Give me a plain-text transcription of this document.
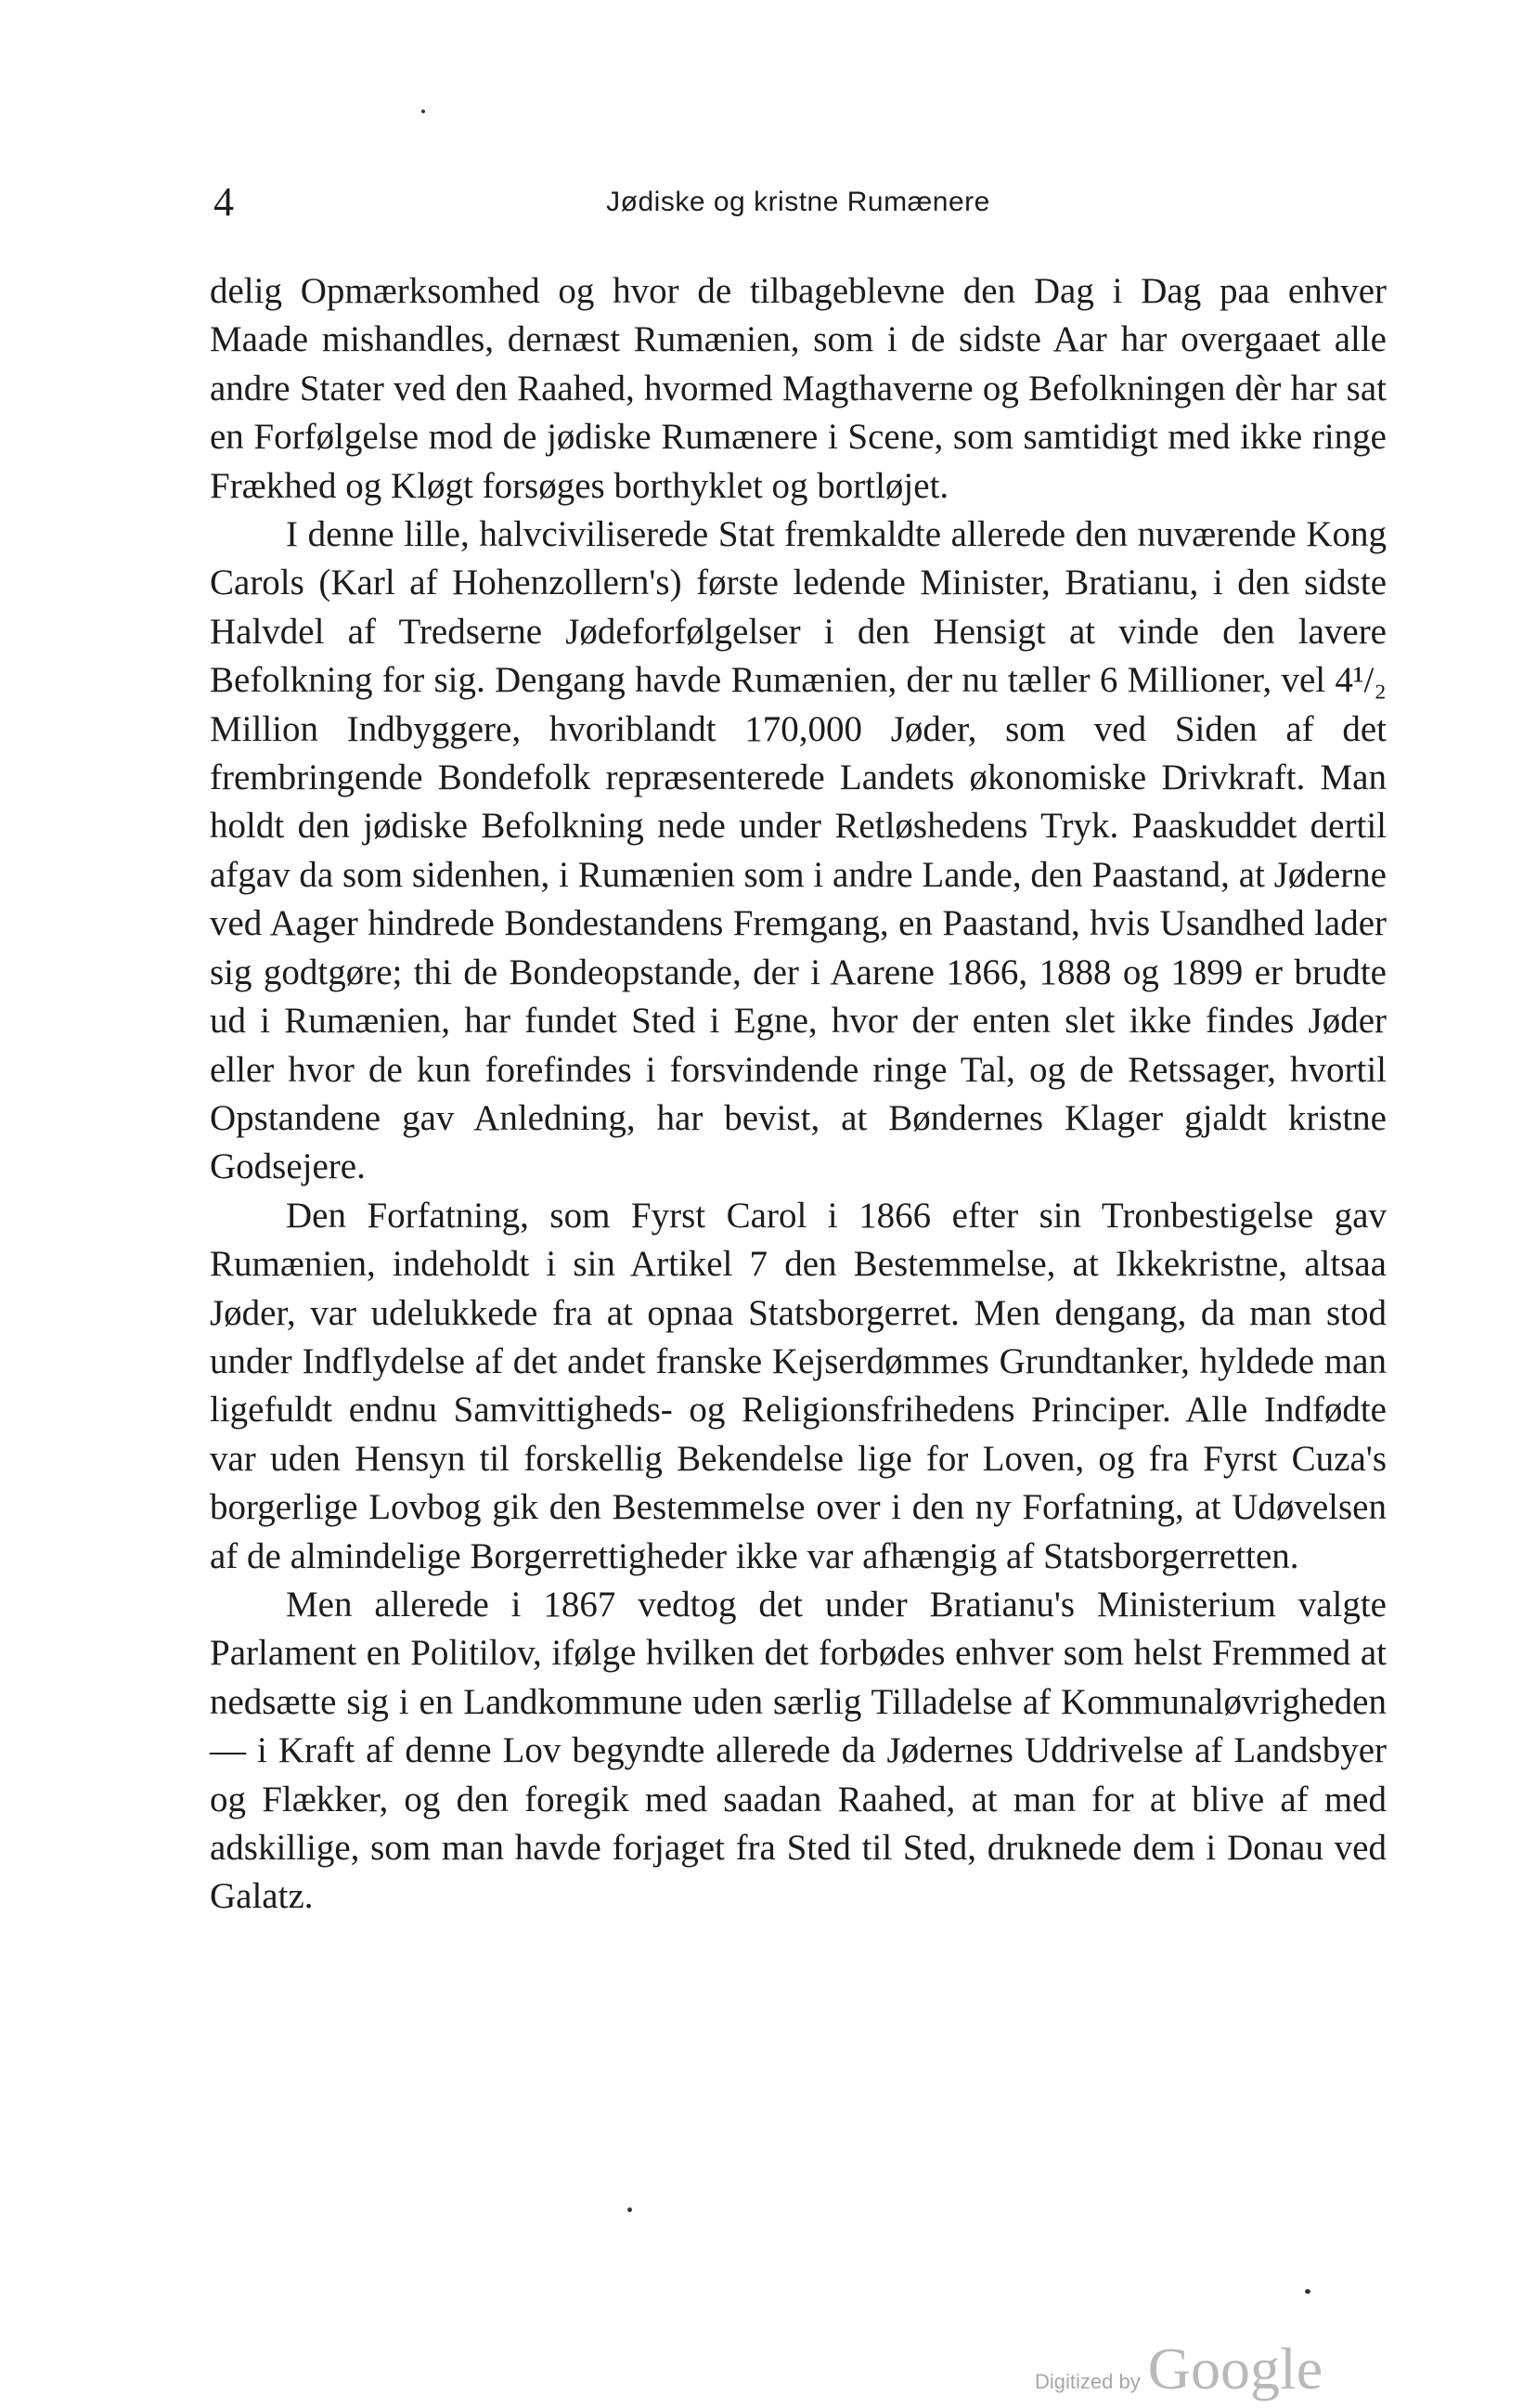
4	Jødiske og kristne Rumænere

delig Opmærksomhed og hvor de tilbageblevne den Dag i Dag paa enhver Maade mishandles, dernæst Rumænien, som i de sidste Aar har overgaaet alle andre Stater ved den Raahed, hvormed Magthaverne og Befolkningen dèr har sat en Forfølgelse mod de jødiske Rumænere i Scene, som samtidigt med ikke ringe Frækhed og Kløgt forsøges borthyklet og bortløjet.

I denne lille, halvciviliserede Stat fremkaldte allerede den nuværende Kong Carols (Karl af Hohenzollern's) første ledende Minister, Bratianu, i den sidste Halvdel af Tredserne Jødeforfølgelser i den Hensigt at vinde den lavere Befolkning for sig. Dengang havde Rumænien, der nu tæller 6 Millioner, vel 4¹/₂ Million Indbyggere, hvoriblandt 170,000 Jøder, som ved Siden af det frembringende Bondefolk repræsenterede Landets økonomiske Drivkraft. Man holdt den jødiske Befolkning nede under Retløshedens Tryk. Paaskuddet dertil afgav da som sidenhen, i Rumænien som i andre Lande, den Paastand, at Jøderne ved Aager hindrede Bondestandens Fremgang, en Paastand, hvis Usandhed lader sig godtgøre; thi de Bondeopstande, der i Aarene 1866, 1888 og 1899 er brudte ud i Rumænien, har fundet Sted i Egne, hvor der enten slet ikke findes Jøder eller hvor de kun forefindes i forsvindende ringe Tal, og de Retssager, hvortil Opstandene gav Anledning, har bevist, at Bøndernes Klager gjaldt kristne Godsejere.

Den Forfatning, som Fyrst Carol i 1866 efter sin Tronbestigelse gav Rumænien, indeholdt i sin Artikel 7 den Bestemmelse, at Ikkekristne, altsaa Jøder, var udelukkede fra at opnaa Statsborgerret. Men dengang, da man stod under Indflydelse af det andet franske Kejserdømmes Grundtanker, hyldede man ligefuldt endnu Samvittigheds- og Religionsfrihedens Principer. Alle Indfødte var uden Hensyn til forskellig Bekendelse lige for Loven, og fra Fyrst Cuza's borgerlige Lovbog gik den Bestemmelse over i den ny Forfatning, at Udøvelsen af de almindelige Borgerrettigheder ikke var afhængig af Statsborgerretten.

Men allerede i 1867 vedtog det under Bratianu's Ministerium valgte Parlament en Politilov, ifølge hvilken det forbødes enhver som helst Fremmed at nedsætte sig i en Landkommune uden særlig Tilladelse af Kommunaløvrigheden — i Kraft af denne Lov begyndte allerede da Jødernes Uddrivelse af Landsbyer og Flækker, og den foregik med saadan Raahed, at man for at blive af med adskillige, som man havde forjaget fra Sted til Sted, druknede dem i Donau ved Galatz.

Digitized by Google
